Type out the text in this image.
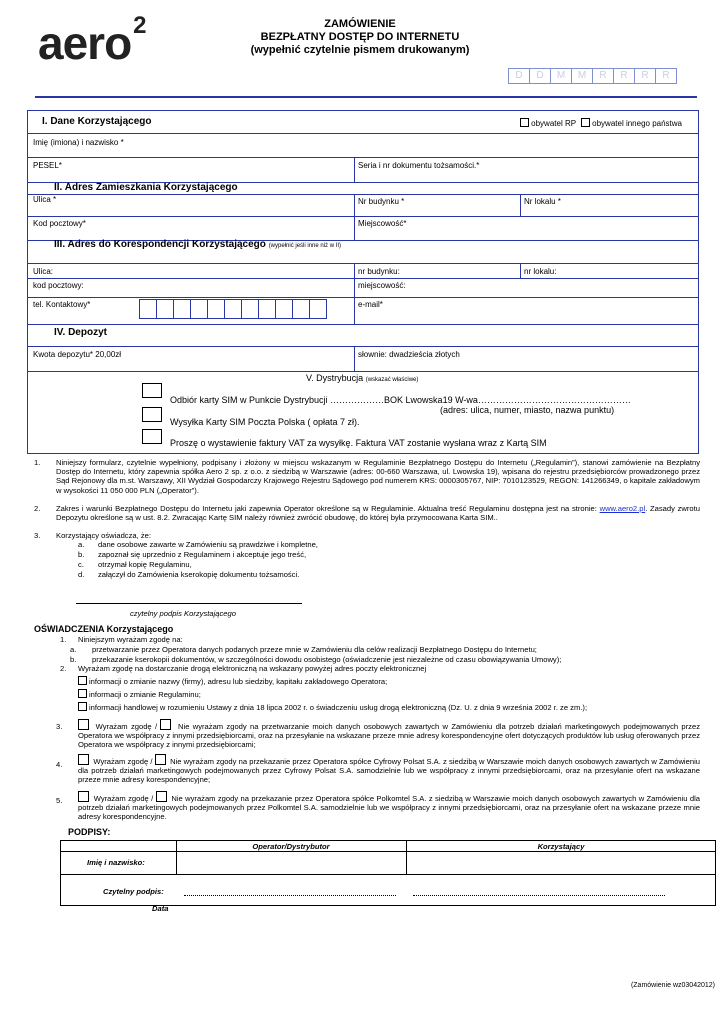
aero$^2$	ZAMÓWIENIE
BEZPŁATNY DOSTĘP DO INTERNETU
(wypełnić czytelnie pismem drukowanym)
D	D	M	M	R	R	R	R
I. Dane Korzystającego	obywatel RP obywatel innego państwa
Imię (imiona) i nazwisko *
PESEL*	Seria i nr dokumentu tożsamości.*
II. Adres Zamieszkania Korzystającego
Ulica *	Nr budynku *	Nr lokalu *
Kod pocztowy*	Miejscowość*
III. Adres do Korespondencji Korzystającego (wypełnić jeśli inne niż w II)
Ulica:	nr budynku:	nr lokalu:
kod pocztowy:	miejscowość:
tel. Kontaktowy*	e-mail*
IV. Depozyt
Kwota depozytu* 20,00zł	słownie: dwadzieścia złotych
V. Dystrybucja (wskazać właściwe)
Odbiór karty SIM w Punkcie Dystrybucji ………………BOK Lwowska19 W-wa……………………………………………
(adres: ulica, numer, miasto, nazwa punktu)
Wysyłka Karty SIM Poczta Polska ( opłata 7 zł).
Proszę o wystawienie faktury VAT za wysyłkę. Faktura VAT zostanie wysłana wraz z Kartą SIM
1. Niniejszy formularz, czytelnie wypełniony, podpisany i złożony w miejscu wskazanym w Regulaminie Bezpłatnego Dostępu do Internetu („Regulamin”), stanowi zamówienie na Bezpłatny Dostęp do Internetu, który zapewnia spółka Aero 2 sp. z o.o. z siedzibą w Warszawie (adres: 00-660 Warszawa, ul. Lwowska 19), wpisana do rejestru przedsiębiorców prowadzonego przez Sąd Rejonowy dla m.st. Warszawy, XII Wydział Gospodarczy Krajowego Rejestru Sądowego pod numerem KRS: 0000305767, NIP: 7010123529, REGON: 141266349, o kapitale zakładowym w wysokości 11 050 000 PLN („Operator”).
2. Zakres i warunki Bezpłatnego Dostępu do Internetu jaki zapewnia Operator określone są w Regulaminie. Aktualna treść Regulaminu dostępna jest na stronie: www.aero2.pl. Zasady zwrotu Depozytu określone są w ust. 8.2. Zwracając Kartę SIM należy również zwrócić obudowę, do której była przymocowana Karta SIM..
3. Korzystający oświadcza, że:
a. dane osobowe zawarte w Zamówieniu są prawdziwe i kompletne,
b. zapoznał się uprzednio z Regulaminem i akceptuje jego treść,
c. otrzymał kopię Regulaminu,
d. załączył do Zamówienia kserokopię dokumentu tożsamości.
czytelny podpis Korzystającego
OŚWIADCZENIA Korzystającego
1. Niniejszym wyrażam zgodę na:
a. przetwarzanie przez Operatora danych podanych przeze mnie w Zamówieniu dla celów realizacji Bezpłatnego Dostępu do Internetu;
b. przekazanie kserokopii dokumentów, w szczególności dowodu osobistego (oświadczenie jest niezależne od czasu obowiązywania Umowy);
2. Wyrażam zgodę na dostarczanie drogą elektroniczną na wskazany powyżej adres poczty elektronicznej
informacji o zmianie nazwy (firmy), adresu lub siedziby, kapitału zakładowego Operatora;
informacji o zmianie Regulaminu;
informacji handlowej w rozumieniu Ustawy z dnia 18 lipca 2002 r. o świadczeniu usług drogą elektroniczną (Dz. U. z dnia 9 września 2002 r. ze zm.);
3.	Wyrażam zgodę /	Nie wyrażam zgody na przetwarzanie moich danych osobowych zawartych w Zamówieniu dla potrzeb działań marketingowych podejmowanych przez Operatora we współpracy z innymi przedsiębiorcami, oraz na przesyłanie na wskazane przeze mnie adresy korespondencyjne ofert dotyczących produktów lub usług oferowanych przez Operatora we współpracy z innymi przedsiębiorcami;
4.	Wyrażam zgodę / Nie wyrażam zgody na przekazanie przez Operatora spółce Cyfrowy Polsat S.A. z siedzibą w Warszawie moich danych osobowych zawartych w Zamówieniu dla potrzeb działań marketingowych podejmowanych przez Cyfrowy Polsat S.A. samodzielnie lub we współpracy z innymi przedsiębiorcami, oraz na przesyłanie ofert na wskazane przeze mnie adresy korespondencyjne;
5.	Wyrażam zgodę / Nie wyrażam zgody na przekazanie przez Operatora spółce Polkomtel S.A. z siedzibą w Warszawie moich danych osobowych zawartych w Zamówieniu dla potrzeb działań marketingowych podejmowanych przez Polkomtel S.A. samodzielnie lub we współpracy z innymi przedsiębiorcami, oraz na przesyłanie ofert na wskazane przeze mnie adresy korespondencyjne.
PODPISY:
Operator/Dystrybutor	Korzystający
Imię i nazwisko:
Czytelny podpis:
Data
(Zamówienie wz03042012)
